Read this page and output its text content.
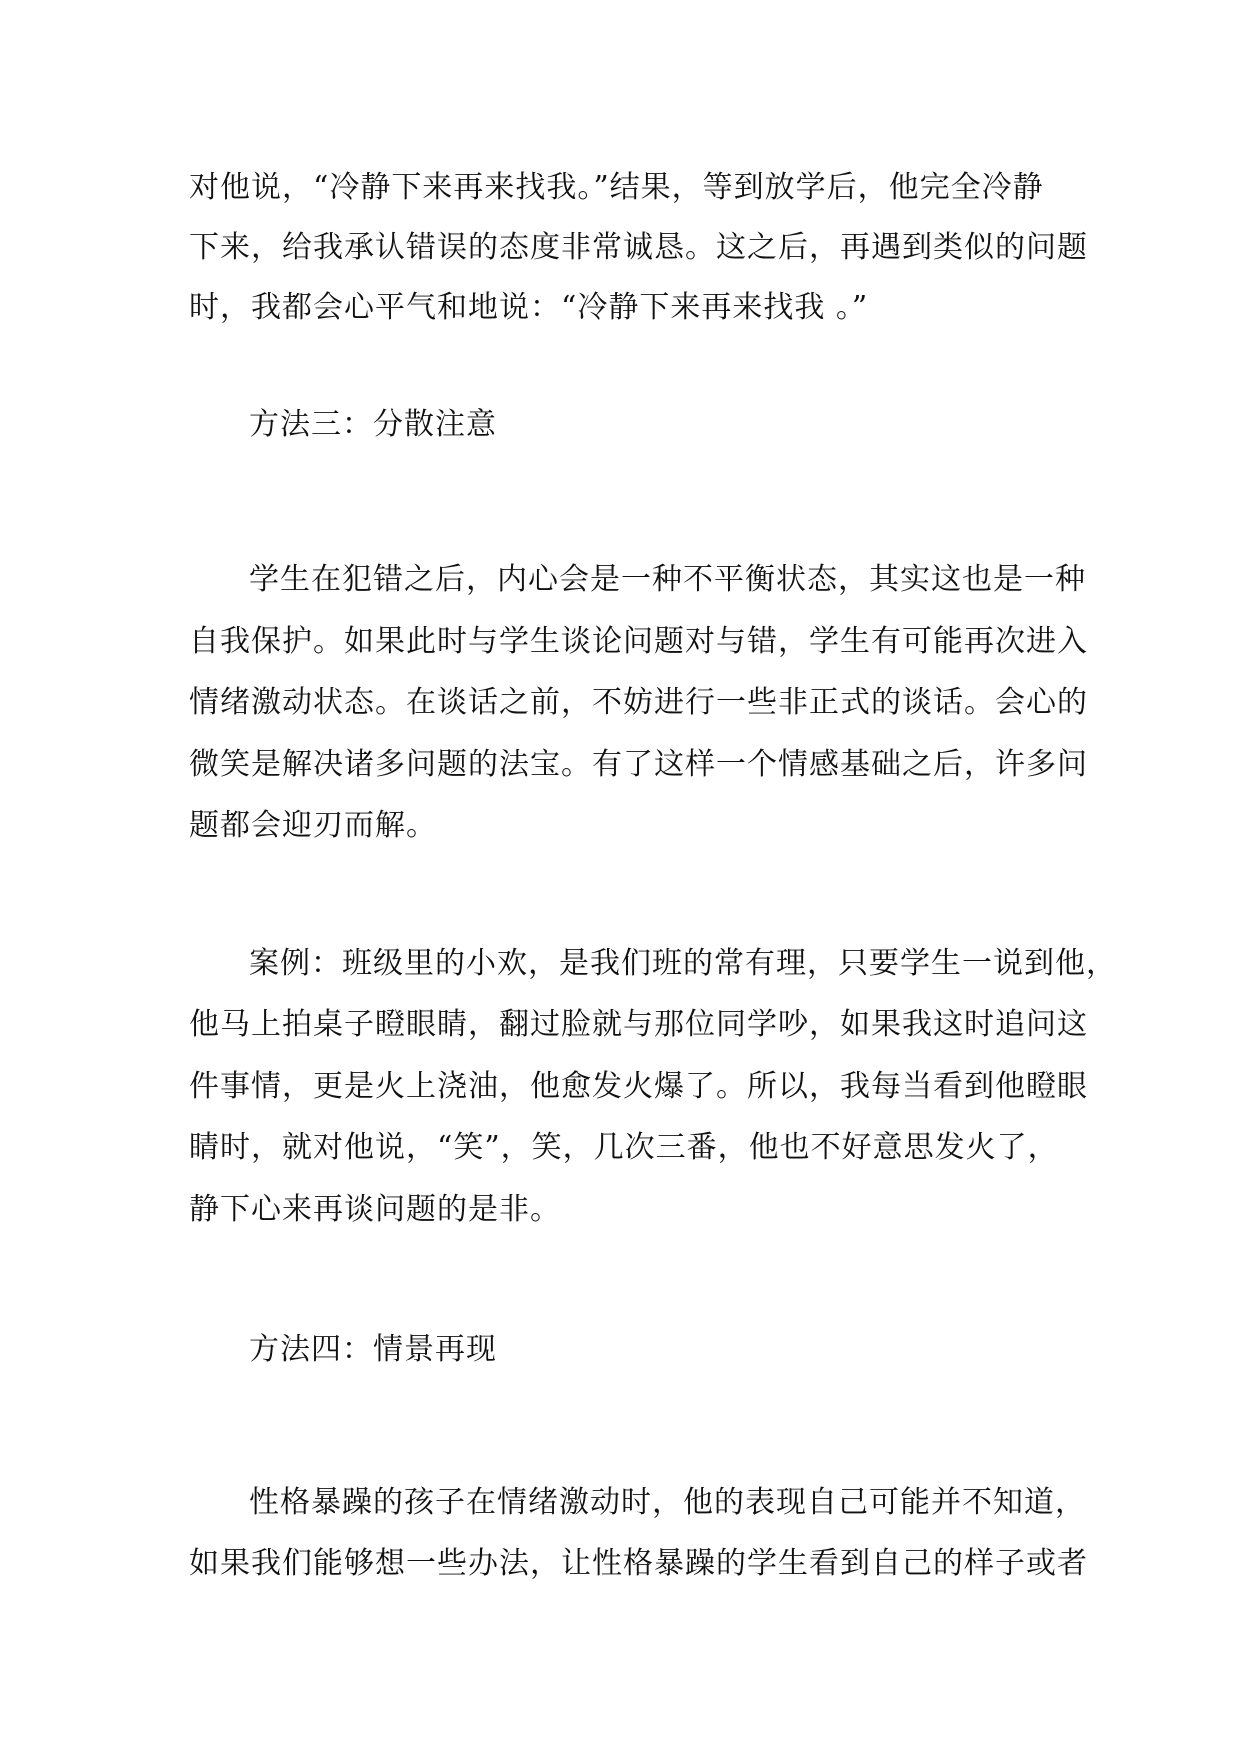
对他说，“冷静下来再来找我。”结果，等到放学后，他完全冷静
下来，给我承认错误的态度非常诚恳。这之后，再遇到类似的问题
时，我都会心平气和地说：“冷静下来再来找我 。”
方法三：分散注意
学生在犯错之后，内心会是一种不平衡状态，其实这也是一种
自我保护。如果此时与学生谈论问题对与错，学生有可能再次进入
情绪激动状态。在谈话之前，不妨进行一些非正式的谈话。会心的
微笑是解决诸多问题的法宝。有了这样一个情感基础之后，许多问
题都会迎刃而解。
案例：班级里的小欢，是我们班的常有理，只要学生一说到他，
他马上拍桌子瞪眼睛，翻过脸就与那位同学吵，如果我这时追问这
件事情，更是火上浇油，他愈发火爆了。所以，我每当看到他瞪眼
睛时，就对他说，“笑”，笑，几次三番，他也不好意思发火了，
静下心来再谈问题的是非。
方法四：情景再现
性格暴躁的孩子在情绪激动时，他的表现自己可能并不知道，
如果我们能够想一些办法，让性格暴躁的学生看到自己的样子或者
